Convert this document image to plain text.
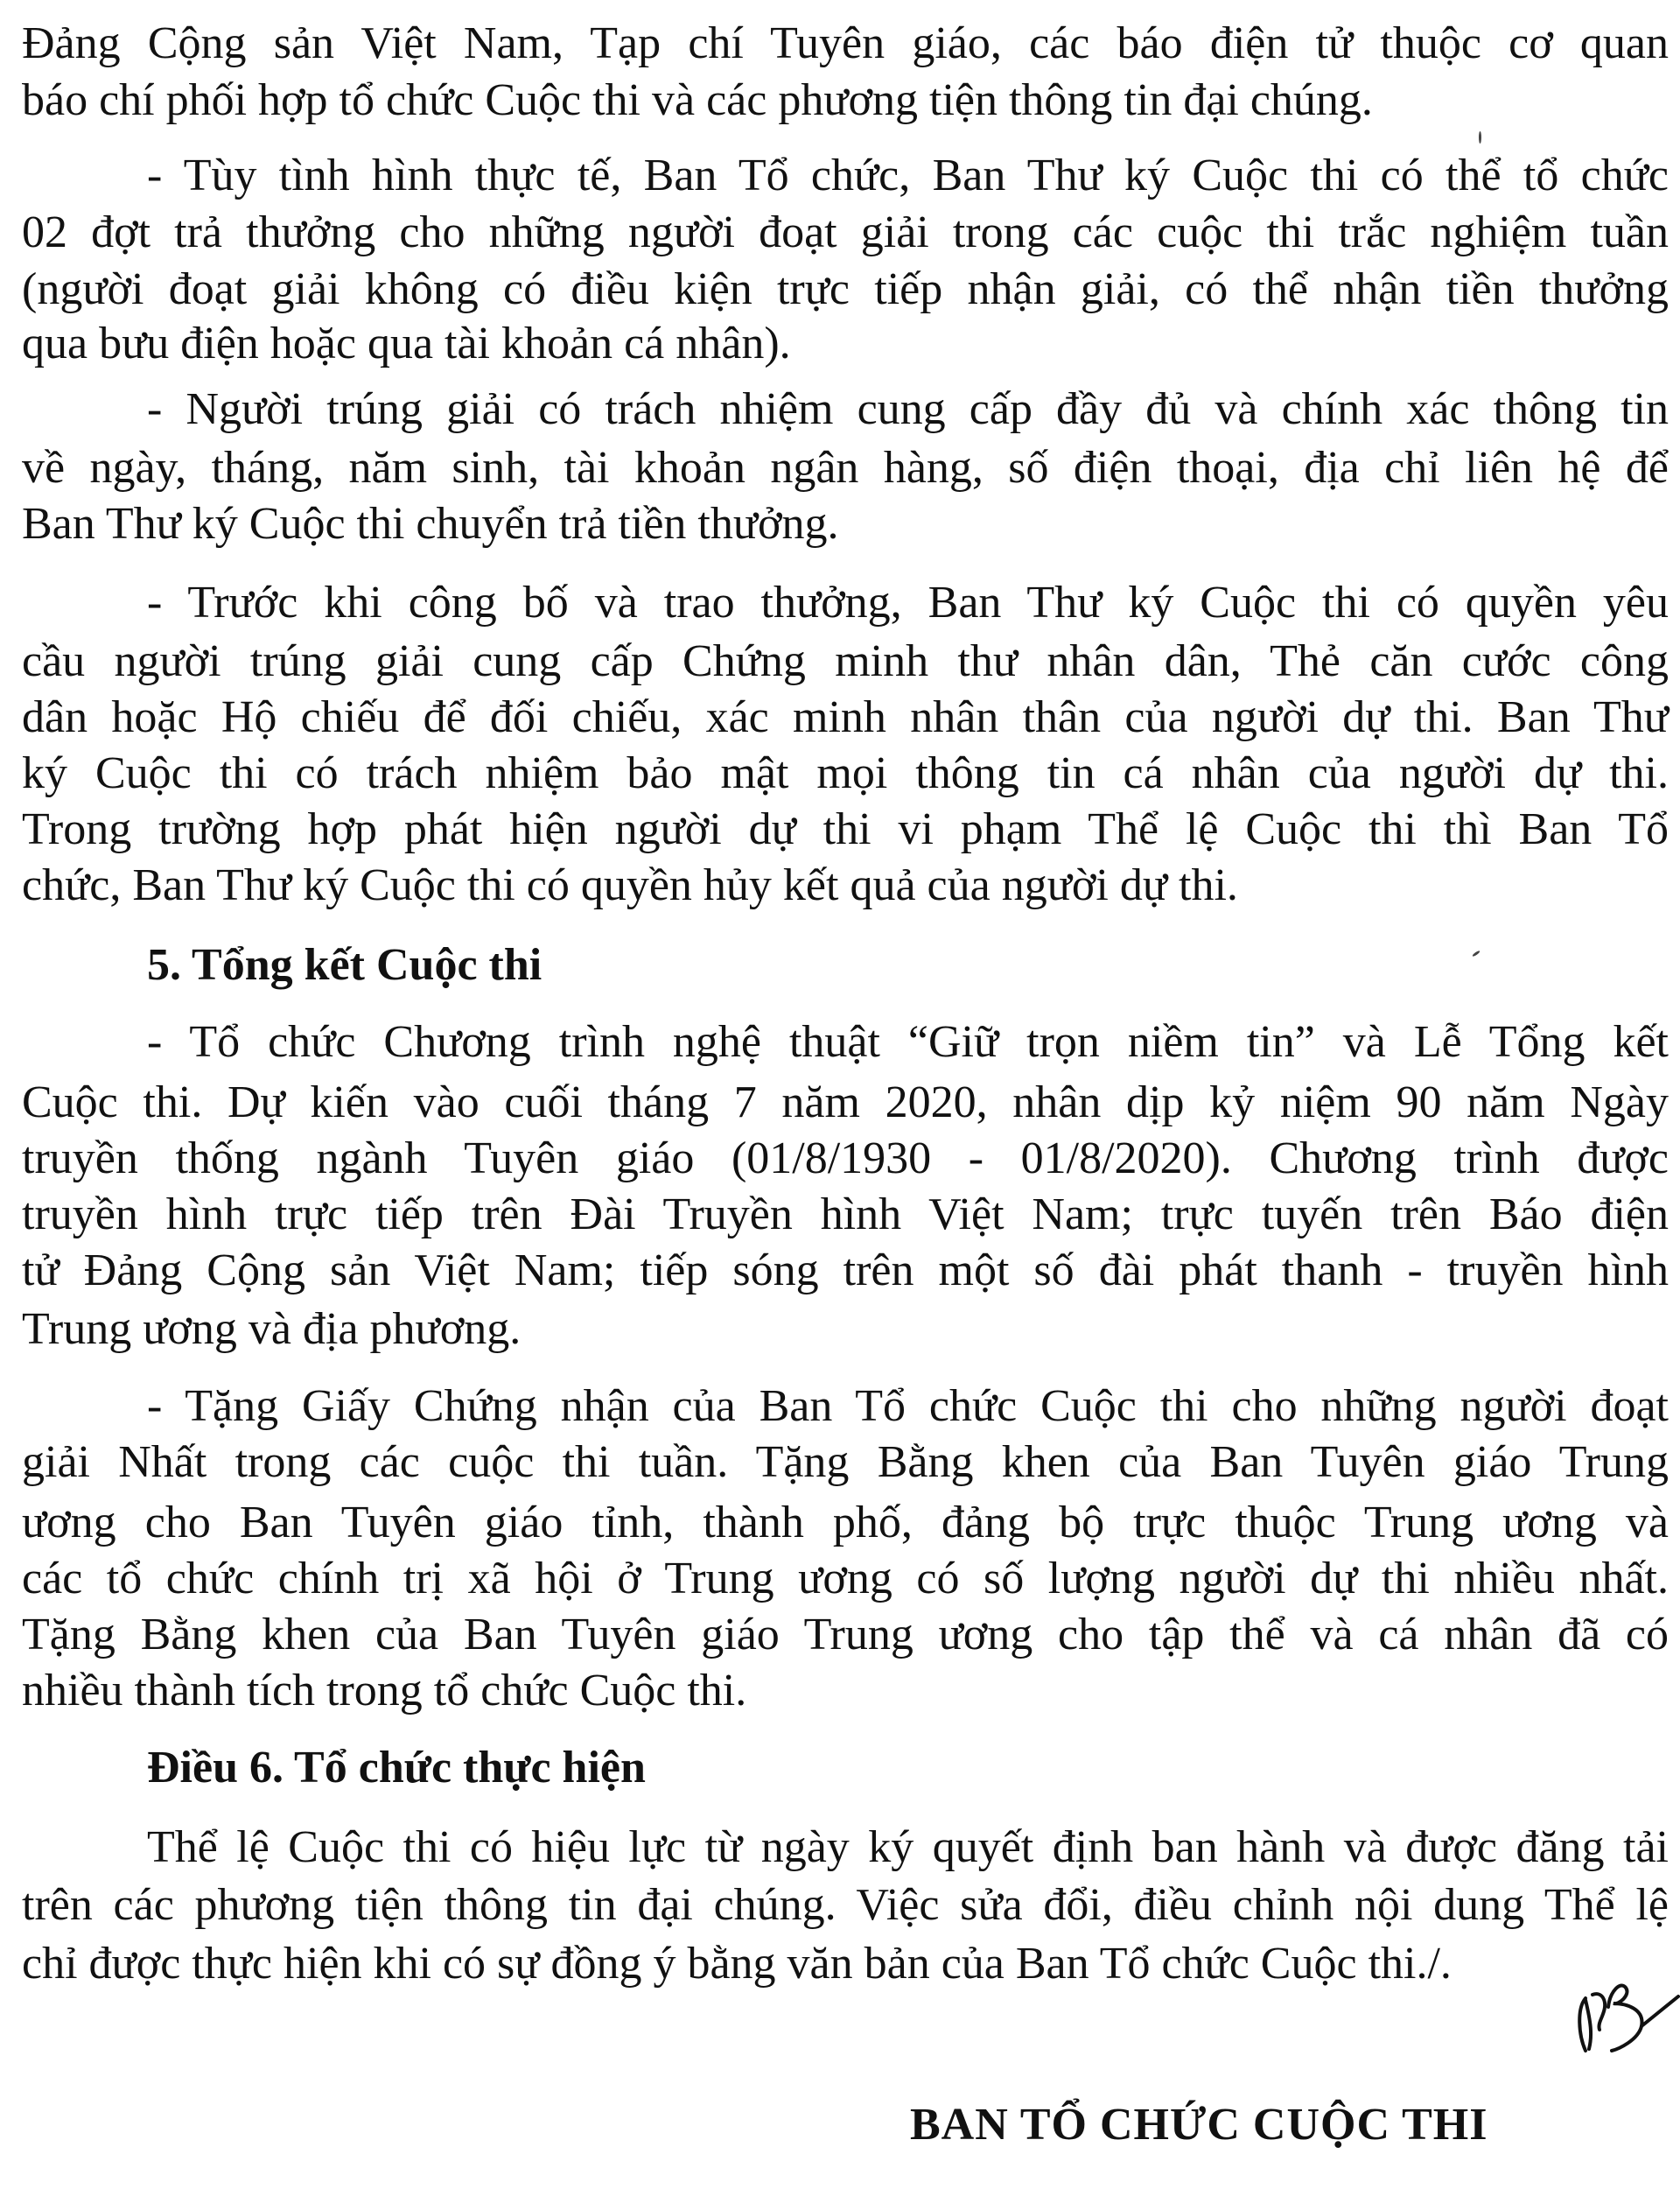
Đảng Cộng sản Việt Nam, Tạp chí Tuyên giáo, các báo điện tử thuộc cơ quan
báo chí phối hợp tổ chức Cuộc thi và các phương tiện thông tin đại chúng.
- Tùy tình hình thực tế, Ban Tổ chức, Ban Thư ký Cuộc thi có thể tổ chức
02 đợt trả thưởng cho những người đoạt giải trong các cuộc thi trắc nghiệm tuần
(người đoạt giải không có điều kiện trực tiếp nhận giải, có thể nhận tiền thưởng
qua bưu điện hoặc qua tài khoản cá nhân).
- Người trúng giải có trách nhiệm cung cấp đầy đủ và chính xác thông tin
về ngày, tháng, năm sinh, tài khoản ngân hàng, số điện thoại, địa chỉ liên hệ để
Ban Thư ký Cuộc thi chuyển trả tiền thưởng.
- Trước khi công bố và trao thưởng, Ban Thư ký Cuộc thi có quyền yêu
cầu người trúng giải cung cấp Chứng minh thư nhân dân, Thẻ căn cước công
dân hoặc Hộ chiếu để đối chiếu, xác minh nhân thân của người dự thi. Ban Thư
ký Cuộc thi có trách nhiệm bảo mật mọi thông tin cá nhân của người dự thi.
Trong trường hợp phát hiện người dự thi vi phạm Thể lệ Cuộc thi thì Ban Tổ
chức, Ban Thư ký Cuộc thi có quyền hủy kết quả của người dự thi.
5. Tổng kết Cuộc thi
- Tổ chức Chương trình nghệ thuật “Giữ trọn niềm tin” và Lễ Tổng kết
Cuộc thi. Dự kiến vào cuối tháng 7 năm 2020, nhân dịp kỷ niệm 90 năm Ngày
truyền thống ngành Tuyên giáo (01/8/1930 - 01/8/2020). Chương trình được
truyền hình trực tiếp trên Đài Truyền hình Việt Nam; trực tuyến trên Báo điện
tử Đảng Cộng sản Việt Nam; tiếp sóng trên một số đài phát thanh - truyền hình
Trung ương và địa phương.
- Tặng Giấy Chứng nhận của Ban Tổ chức Cuộc thi cho những người đoạt
giải Nhất trong các cuộc thi tuần. Tặng Bằng khen của Ban Tuyên giáo Trung
ương cho Ban Tuyên giáo tỉnh, thành phố, đảng bộ trực thuộc Trung ương và
các tổ chức chính trị xã hội ở Trung ương có số lượng người dự thi nhiều nhất.
Tặng Bằng khen của Ban Tuyên giáo Trung ương cho tập thể và cá nhân đã có
nhiều thành tích trong tổ chức Cuộc thi.
Điều 6. Tổ chức thực hiện
Thể lệ Cuộc thi có hiệu lực từ ngày ký quyết định ban hành và được đăng tải
trên các phương tiện thông tin đại chúng. Việc sửa đổi, điều chỉnh nội dung Thể lệ
chỉ được thực hiện khi có sự đồng ý bằng văn bản của Ban Tổ chức Cuộc thi./.
BAN TỔ CHỨC CUỘC THI
